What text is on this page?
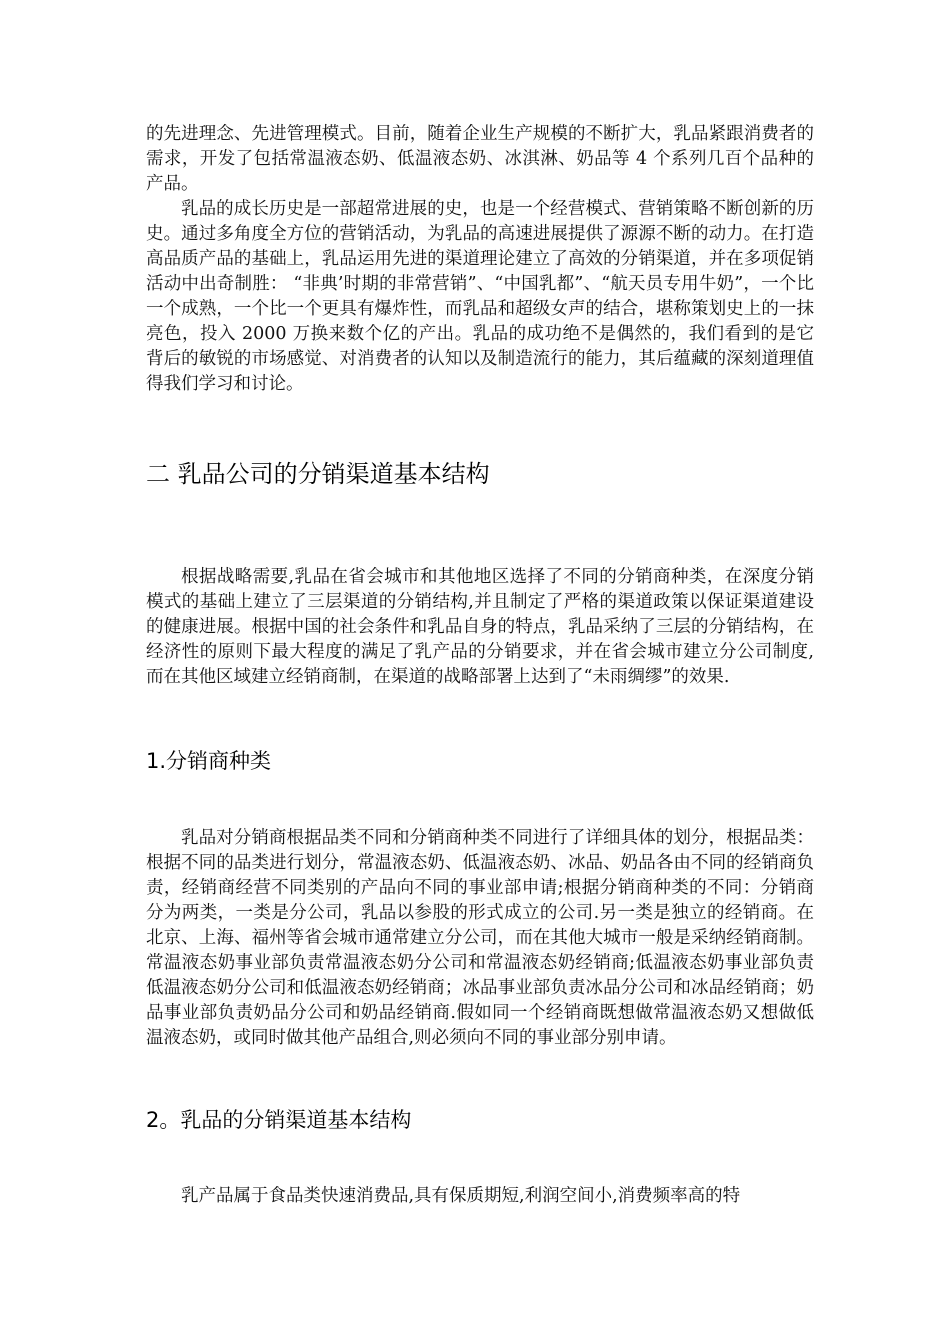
的先进理念、先进管理模式。目前，随着企业生产规模的不断扩大，乳品紧跟消费者的需求，开发了包括常温液态奶、低温液态奶、冰淇淋、奶品等 4 个系列几百个品种的产品。

乳品的成长历史是一部超常进展的史，也是一个经营模式、营销策略不断创新的历史。通过多角度全方位的营销活动，为乳品的高速进展提供了源源不断的动力。在打造高品质产品的基础上，乳品运用先进的渠道理论建立了高效的分销渠道，并在多项促销活动中出奇制胜： “非典’时期的非常营销”、“中国乳都”、“航天员专用牛奶”，一个比一个成熟，一个比一个更具有爆炸性，而乳品和超级女声的结合，堪称策划史上的一抹亮色，投入 2000 万换来数个亿的产出。乳品的成功绝不是偶然的，我们看到的是它背后的敏锐的市场感觉、对消费者的认知以及制造流行的能力，其后蕴藏的深刻道理值得我们学习和讨论。

二 乳品公司的分销渠道基本结构

根据战略需要,乳品在省会城市和其他地区选择了不同的分销商种类，在深度分销模式的基础上建立了三层渠道的分销结构,并且制定了严格的渠道政策以保证渠道建设的健康进展。根据中国的社会条件和乳品自身的特点，乳品采纳了三层的分销结构，在经济性的原则下最大程度的满足了乳产品的分销要求，并在省会城市建立分公司制度,而在其他区域建立经销商制，在渠道的战略部署上达到了“未雨绸缪”的效果.

1.分销商种类

乳品对分销商根据品类不同和分销商种类不同进行了详细具体的划分，根据品类：根据不同的品类进行划分，常温液态奶、低温液态奶、冰品、奶品各由不同的经销商负责，经销商经营不同类别的产品向不同的事业部申请;根据分销商种类的不同：分销商分为两类，一类是分公司，乳品以参股的形式成立的公司.另一类是独立的经销商。在北京、上海、福州等省会城市通常建立分公司，而在其他大城市一般是采纳经销商制。常温液态奶事业部负责常温液态奶分公司和常温液态奶经销商;低温液态奶事业部负责低温液态奶分公司和低温液态奶经销商；冰品事业部负责冰品分公司和冰品经销商；奶品事业部负责奶品分公司和奶品经销商.假如同一个经销商既想做常温液态奶又想做低温液态奶，或同时做其他产品组合,则必须向不同的事业部分别申请。

2。乳品的分销渠道基本结构

乳产品属于食品类快速消费品,具有保质期短,利润空间小,消费频率高的特
